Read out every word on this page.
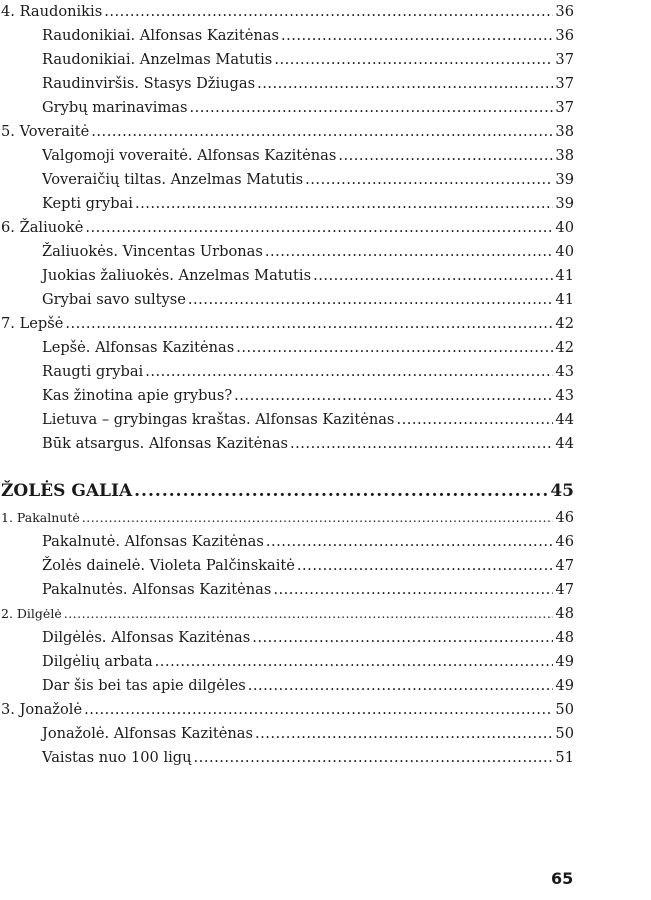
4. Raudonikis .....	36
Raudonikiai. Alfonsas Kazitėnas .....	36
Raudonikiai. Anzelmas Matutis .....	37
Raudinviršis. Stasys Džiugas .....	37
Grybų marinavimas .....	37
5. Voveraitė .....	38
Valgomoji voveraitė. Alfonsas Kazitėnas .....	38
Voveraičių tiltas. Anzelmas Matutis .....	39
Kepti grybai .....	39
6. Žaliuokė .....	40
Žaliuokės. Vincentas Urbonas .....	40
Juokias žaliuokės. Anzelmas Matutis .....	41
Grybai savo sultyse .....	41
7. Lepšė .....	42
Lepšė. Alfonsas Kazitėnas .....	42
Raugti grybai .....	43
Kas žinotina apie grybus? .....	43
Lietuva – grybingas kraštas. Alfonsas Kazitėnas .....	44
Būk atsargus. Alfonsas Kazitėnas .....	44
ŽOLĖS GALIA .....	45
1. Pakalnutė .....	46
Pakalnutė. Alfonsas Kazitėnas .....	46
Žolės dainelė. Violeta Palčinskaitė .....	47
Pakalnutės. Alfonsas Kazitėnas .....	47
2. Dilgėlė .....	48
Dilgėlės. Alfonsas Kazitėnas .....	48
Dilgėlių arbata .....	49
Dar šis bei tas apie dilgėles .....	49
3. Jonažolė .....	50
Jonažolė. Alfonsas Kazitėnas .....	50
Vaistas nuo 100 ligų .....	51
65
